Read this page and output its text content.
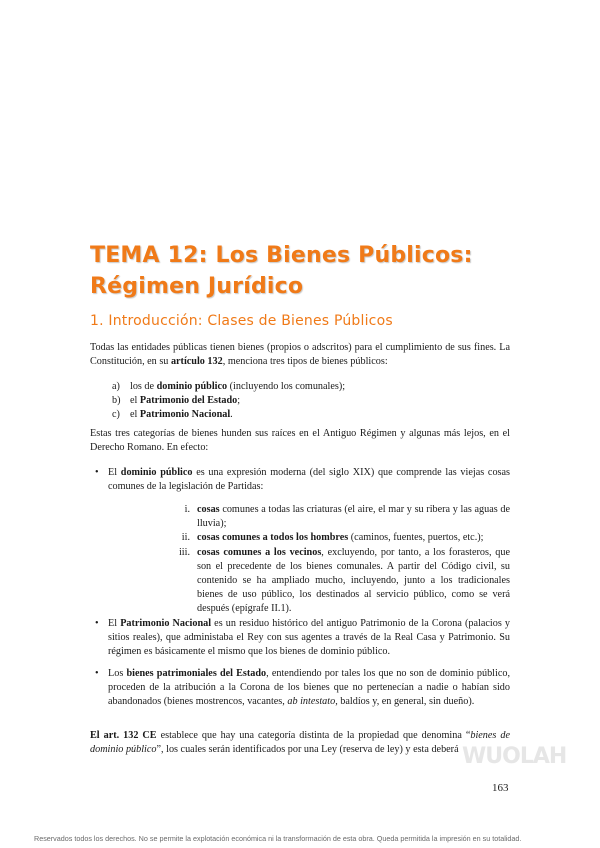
TEMA 12: Los Bienes Públicos:
Régimen Jurídico
1. Introducción: Clases de Bienes Públicos

Todas las entidades públicas tienen bienes (propios o adscritos) para el cumplimiento de sus fines. La Constitución, en su artículo 132, menciona tres tipos de bienes públicos:

a) los de dominio público (incluyendo los comunales);
b) el Patrimonio del Estado;
c) el Patrimonio Nacional.

Estas tres categorías de bienes hunden sus raíces en el Antiguo Régimen y algunas más lejos, en el Derecho Romano. En efecto:

• El dominio público es una expresión moderna (del siglo XIX) que comprende las viejas cosas comunes de la legislación de Partidas:
i. cosas comunes a todas las criaturas (el aire, el mar y su ribera y las aguas de lluvia);
ii. cosas comunes a todos los hombres (caminos, fuentes, puertos, etc.);
iii. cosas comunes a los vecinos, excluyendo, por tanto, a los forasteros, que son el precedente de los bienes comunales. A partir del Código civil, su contenido se ha ampliado mucho, incluyendo, junto a los tradicionales bienes de uso público, los destinados al servicio público, como se verá después (epígrafe II.1).
• El Patrimonio Nacional es un residuo histórico del antiguo Patrimonio de la Corona (palacios y sitios reales), que administaba el Rey con sus agentes a través de la Real Casa y Patrimonio. Su régimen es básicamente el mismo que los bienes de dominio público.
• Los bienes patrimoniales del Estado, entendiendo por tales los que no son de dominio público, proceden de la atribución a la Corona de los bienes que no pertenecían a nadie o habían sido abandonados (bienes mostrencos, vacantes, ab intestato, baldíos y, en general, sin dueño).

El art. 132 CE establece que hay una categoría distinta de la propiedad que denomina “bienes de dominio público”, los cuales serán identificados por una Ley (reserva de ley) y esta deberá WUOLAH
163

Reservados todos los derechos. No se permite la explotación económica ni la transformación de esta obra. Queda permitida la impresión en su totalidad.
